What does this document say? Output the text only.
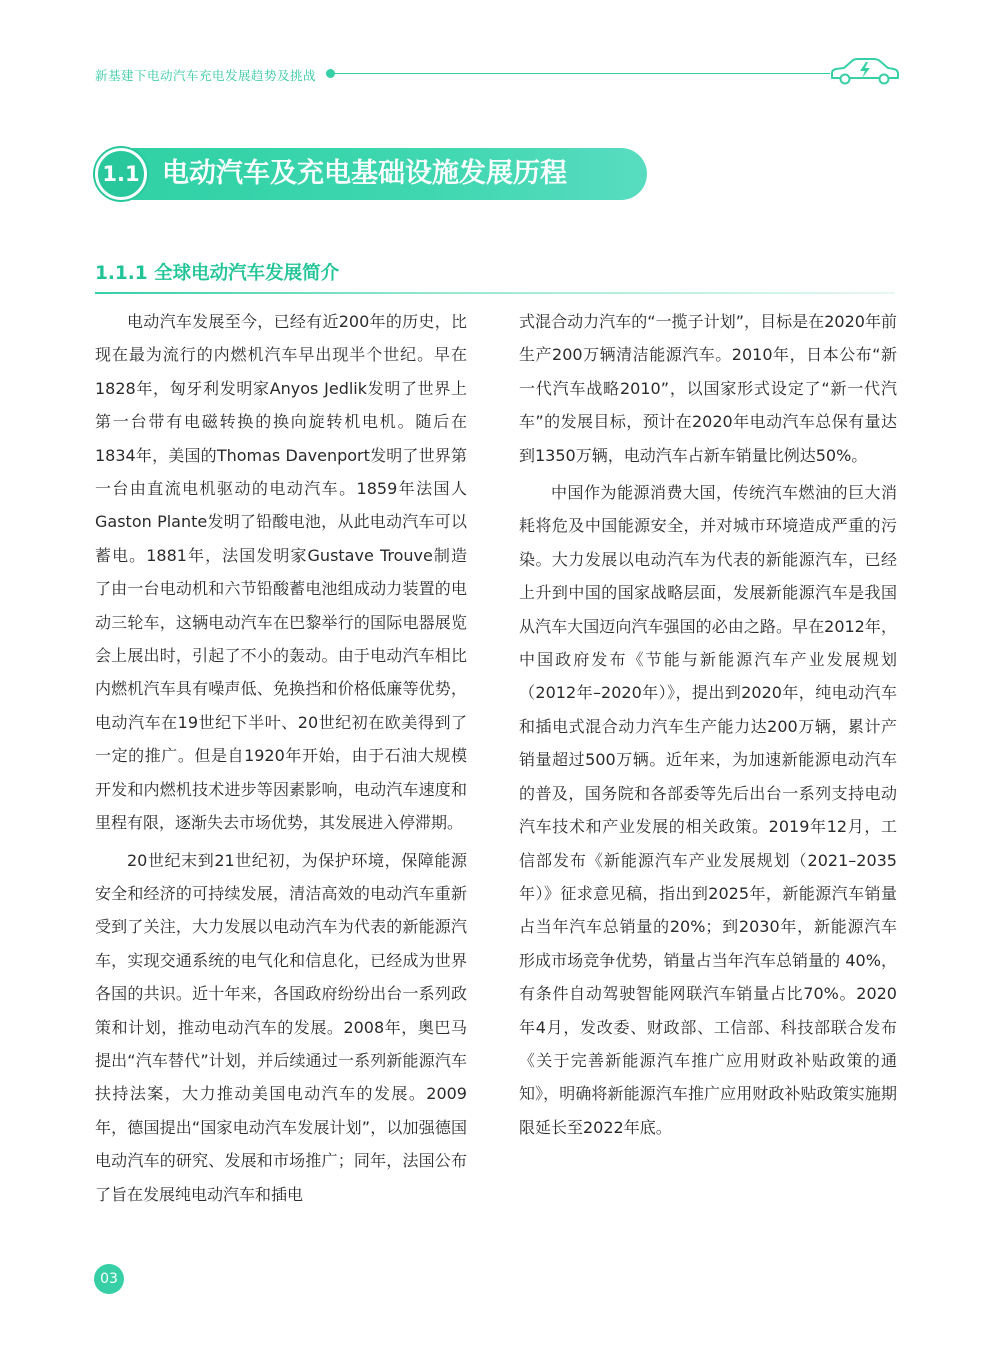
新基建下电动汽车充电发展趋势及挑战
1.1 电动汽车及充电基础设施发展历程
1.1.1 全球电动汽车发展简介

电动汽车发展至今，已经有近200年的历史，比现在最为流行的内燃机汽车早出现半个世纪。早在1828年，匈牙利发明家Anyos Jedlik发明了世界上第一台带有电磁转换的换向旋转机电机。随后在1834年，美国的Thomas Davenport发明了世界第一台由直流电机驱动的电动汽车。1859年法国人Gaston Plante发明了铅酸电池，从此电动汽车可以蓄电。1881年，法国发明家Gustave Trouve制造了由一台电动机和六节铅酸蓄电池组成动力装置的电动三轮车，这辆电动汽车在巴黎举行的国际电器展览会上展出时，引起了不小的轰动。由于电动汽车相比内燃机汽车具有噪声低、免换挡和价格低廉等优势，电动汽车在19世纪下半叶、20世纪初在欧美得到了一定的推广。但是自1920年开始，由于石油大规模开发和内燃机技术进步等因素影响，电动汽车速度和里程有限，逐渐失去市场优势，其发展进入停滞期。

20世纪末到21世纪初，为保护环境，保障能源安全和经济的可持续发展，清洁高效的电动汽车重新受到了关注，大力发展以电动汽车为代表的新能源汽车，实现交通系统的电气化和信息化，已经成为世界各国的共识。近十年来，各国政府纷纷出台一系列政策和计划，推动电动汽车的发展。2008年，奥巴马提出“汽车替代”计划，并后续通过一系列新能源汽车扶持法案，大力推动美国电动汽车的发展。2009年，德国提出“国家电动汽车发展计划”，以加强德国电动汽车的研究、发展和市场推广；同年，法国公布了旨在发展纯电动汽车和插电

式混合动力汽车的“一揽子计划”，目标是在2020年前生产200万辆清洁能源汽车。2010年，日本公布“新一代汽车战略2010”，以国家形式设定了“新一代汽车”的发展目标，预计在2020年电动汽车总保有量达到1350万辆，电动汽车占新车销量比例达50%。

中国作为能源消费大国，传统汽车燃油的巨大消耗将危及中国能源安全，并对城市环境造成严重的污染。大力发展以电动汽车为代表的新能源汽车，已经上升到中国的国家战略层面，发展新能源汽车是我国从汽车大国迈向汽车强国的必由之路。早在2012年，中国政府发布《节能与新能源汽车产业发展规划（2012年–2020年）》，提出到2020年，纯电动汽车和插电式混合动力汽车生产能力达200万辆，累计产销量超过500万辆。近年来，为加速新能源电动汽车的普及，国务院和各部委等先后出台一系列支持电动汽车技术和产业发展的相关政策。2019年12月，工信部发布《新能源汽车产业发展规划（2021–2035年）》征求意见稿，指出到2025年，新能源汽车销量占当年汽车总销量的20%；到2030年，新能源汽车形成市场竞争优势，销量占当年汽车总销量的 40%，有条件自动驾驶智能网联汽车销量占比70%。2020年4月，发改委、财政部、工信部、科技部联合发布《关于完善新能源汽车推广应用财政补贴政策的通知》，明确将新能源汽车推广应用财政补贴政策实施期限延长至2022年底。

03
